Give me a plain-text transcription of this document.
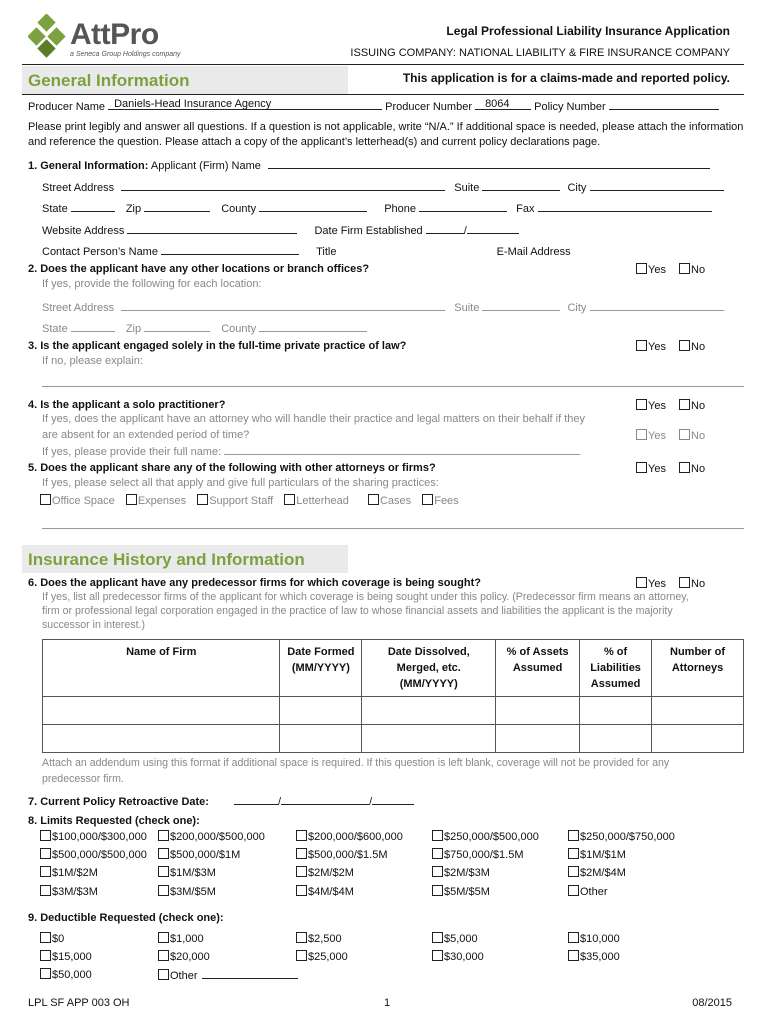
AttPro
a Seneca Group Holdings company
Legal Professional Liability Insurance Application
ISSUING COMPANY: NATIONAL LIABILITY & FIRE INSURANCE COMPANY
General Information	This application is for a claims-made and reported policy.
Producer Name Daniels-Head Insurance Agency	Producer Number 8064 Policy Number
Please print legibly and answer all questions. If a question is not applicable, write “N/A.” If additional space is needed, please attach the information and reference the question. Please attach a copy of the applicant’s letterhead(s) and current policy declarations page.
1. General Information: Applicant (Firm) Name
Street Address	Suite	City
State	Zip	County	Phone	Fax
Website Address	Date Firm Established	/
Contact Person’s Name	Title	E-Mail Address
2. Does the applicant have any other locations or branch offices?	Yes No
If yes, provide the following for each location:
Street Address	Suite	City
State	Zip	County
3. Is the applicant engaged solely in the full-time private practice of law?	Yes No
If no, please explain:
4. Is the applicant a solo practitioner?	Yes No
If yes, does the applicant have an attorney who will handle their practice and legal matters on their behalf if they
are absent for an extended period of time?	Yes No
If yes, please provide their full name:
5. Does the applicant share any of the following with other attorneys or firms?	Yes No
If yes, please select all that apply and give full particulars of the sharing practices:
Office Space Expenses Support Staff Letterhead	Cases Fees
Insurance History and Information
6. Does the applicant have any predecessor firms for which coverage is being sought?	Yes No
If yes, list all predecessor firms of the applicant for which coverage is being sought under this policy. (Predecessor firm means an attorney,
firm or professional legal corporation engaged in the practice of law to whose financial assets and liabilities the applicant is the majority
successor in interest.)
Name of Firm	Date Formed (MM/YYYY)	Date Dissolved, Merged, etc. (MM/YYYY)	% of Assets Assumed	% of Liabilities Assumed	Number of Attorneys

Attach an addendum using this format if additional space is required. If this question is left blank, coverage will not be provided for any
predecessor firm.
7. Current Policy Retroactive Date:	/	/
8. Limits Requested (check one):
$100,000/$300,000	$200,000/$500,000	$200,000/$600,000	$250,000/$500,000	$250,000/$750,000
$500,000/$500,000	$500,000/$1M	$500,000/$1.5M	$750,000/$1.5M	$1M/$1M
$1M/$2M	$1M/$3M	$2M/$2M	$2M/$3M	$2M/$4M
$3M/$3M	$3M/$5M	$4M/$4M	$5M/$5M	Other
9. Deductible Requested (check one):
$0	$1,000	$2,500	$5,000	$10,000
$15,000	$20,000	$25,000	$30,000	$35,000
$50,000	Other
LPL SF APP 003 OH	1	08/2015
